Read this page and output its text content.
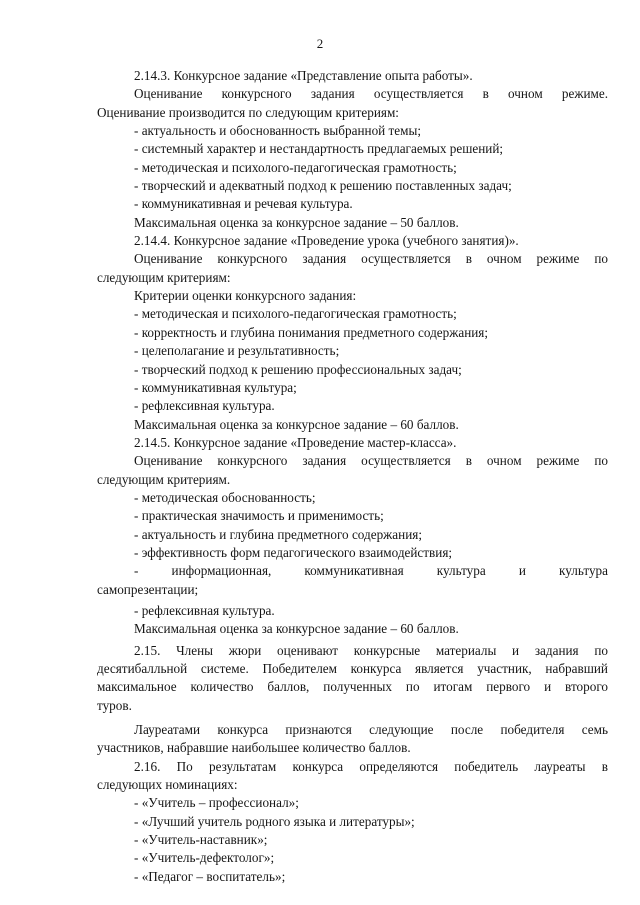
2
2.14.3. Конкурсное задание «Представление опыта работы».
Оценивание конкурсного задания осуществляется в очном режиме.
Оценивание производится по следующим критериям:
- актуальность и обоснованность выбранной темы;
- системный характер и нестандартность предлагаемых решений;
- методическая и психолого-педагогическая грамотность;
- творческий и адекватный подход к решению поставленных задач;
- коммуникативная и речевая культура.
Максимальная оценка за конкурсное задание – 50 баллов.
2.14.4. Конкурсное задание «Проведение урока (учебного занятия)».
Оценивание конкурсного задания осуществляется в очном режиме по
следующим критериям:
Критерии оценки конкурсного задания:
- методическая и психолого-педагогическая грамотность;
- корректность и глубина понимания предметного содержания;
- целеполагание и результативность;
- творческий подход к решению профессиональных задач;
- коммуникативная культура;
- рефлексивная культура.
Максимальная оценка за конкурсное задание – 60 баллов.
2.14.5. Конкурсное задание «Проведение мастер-класса».
Оценивание конкурсного задания осуществляется в очном режиме по
следующим критериям.
- методическая обоснованность;
- практическая значимость и применимость;
- актуальность и глубина предметного содержания;
- эффективность форм педагогического взаимодействия;
- информационная, коммуникативная культура и культура
самопрезентации;
- рефлексивная культура.
Максимальная оценка за конкурсное задание – 60 баллов.
2.15. Члены жюри оценивают конкурсные материалы и задания по
десятибалльной системе. Победителем конкурса является участник, набравший
максимальное количество баллов, полученных по итогам первого и второго
туров.
Лауреатами конкурса признаются следующие после победителя семь
участников, набравшие наибольшее количество баллов.
2.16. По результатам конкурса определяются победитель лауреаты в
следующих номинациях:
- «Учитель – профессионал»;
- «Лучший учитель родного языка и литературы»;
- «Учитель-наставник»;
- «Учитель-дефектолог»;
- «Педагог – воспитатель»;
